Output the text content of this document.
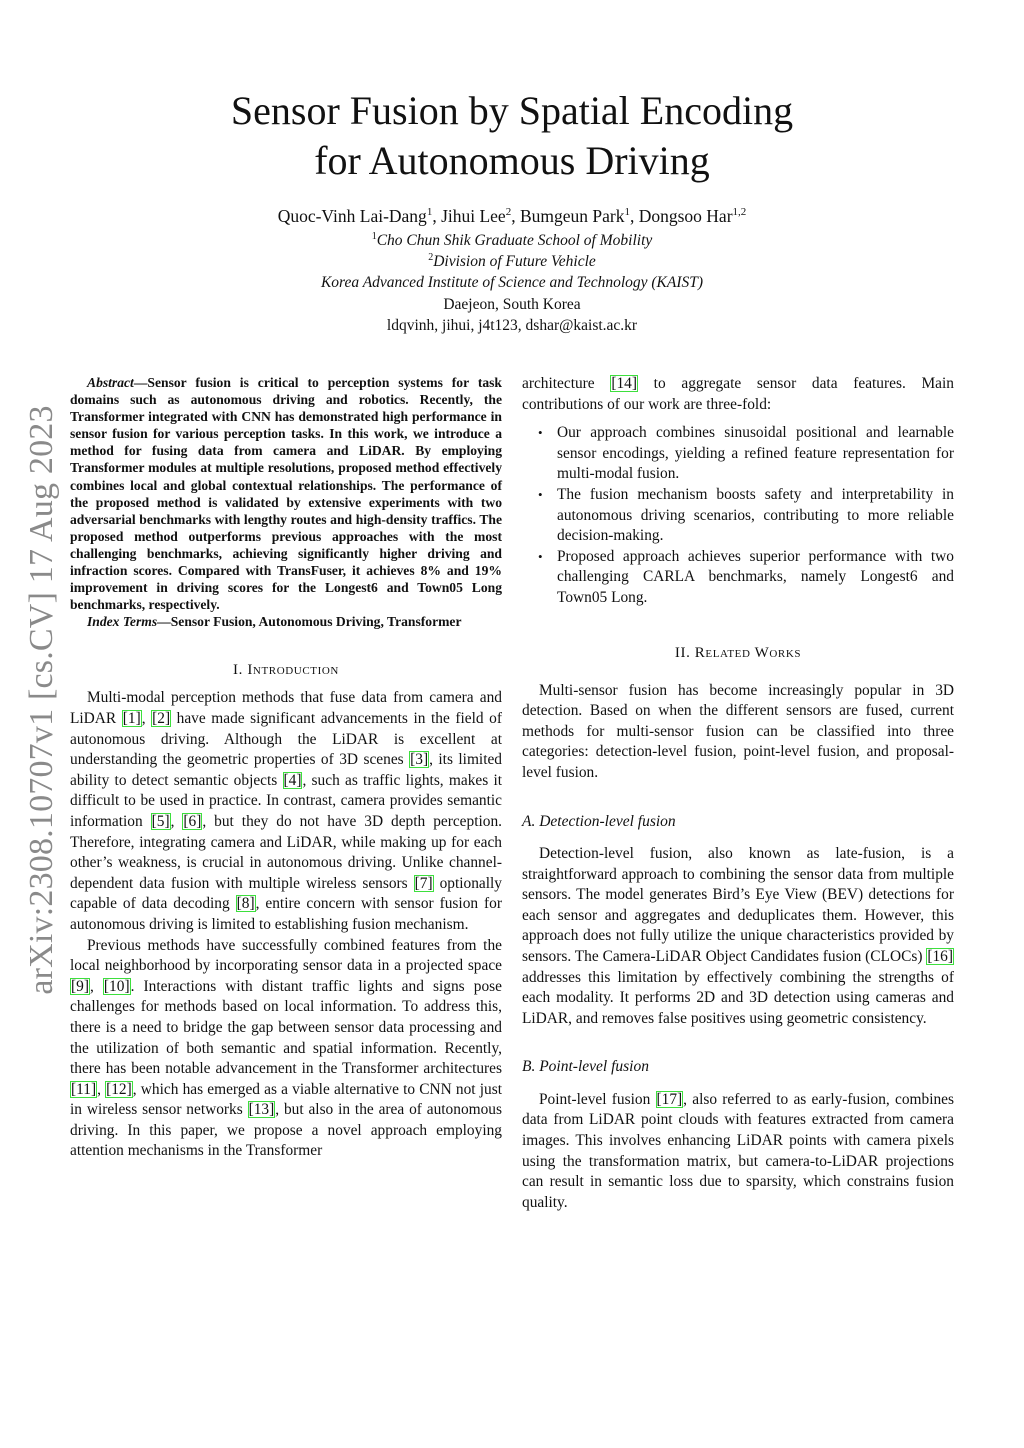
Sensor Fusion by Spatial Encoding
for Autonomous Driving
Quoc-Vinh Lai-Dang$^1$, Jihui Lee$^2$, Bumgeun Park$^1$, Dongsoo Har$^{1,2}$
$^1$Cho Chun Shik Graduate School of Mobility
$^2$Division of Future Vehicle
Korea Advanced Institute of Science and Technology (KAIST)
Daejeon, South Korea
ldqvinh, jihui, j4t123, dshar@kaist.ac.kr
arXiv:2308.10707v1 [cs.CV] 17 Aug 2023

Abstract—Sensor fusion is critical to perception systems for task domains such as autonomous driving and robotics. Recently, the Transformer integrated with CNN has demonstrated high performance in sensor fusion for various perception tasks. In this work, we introduce a method for fusing data from camera and LiDAR. By employing Transformer modules at multiple resolutions, proposed method effectively combines local and global contextual relationships. The performance of the proposed method is validated by extensive experiments with two adversarial benchmarks with lengthy routes and high-density traffics. The proposed method outperforms previous approaches with the most challenging benchmarks, achieving significantly higher driving and infraction scores. Compared with TransFuser, it achieves 8% and 19% improvement in driving scores for the Longest6 and Town05 Long benchmarks, respectively.

Index Terms—Sensor Fusion, Autonomous Driving, Transformer

I. Introduction

Multi-modal perception methods that fuse data from camera and LiDAR [1], [2] have made significant advancements in the field of autonomous driving. Although the LiDAR is excellent at understanding the geometric properties of 3D scenes [3], its limited ability to detect semantic objects [4], such as traffic lights, makes it difficult to be used in practice. In contrast, camera provides semantic information [5], [6], but they do not have 3D depth perception. Therefore, integrating camera and LiDAR, while making up for each other’s weakness, is crucial in autonomous driving. Unlike channel-dependent data fusion with multiple wireless sensors [7] optionally capable of data decoding [8], entire concern with sensor fusion for autonomous driving is limited to establishing fusion mechanism.

Previous methods have successfully combined features from the local neighborhood by incorporating sensor data in a projected space [9], [10]. Interactions with distant traffic lights and signs pose challenges for methods based on local information. To address this, there is a need to bridge the gap between sensor data processing and the utilization of both semantic and spatial information. Recently, there has been notable advancement in the Transformer architectures [11], [12], which has emerged as a viable alternative to CNN not just in wireless sensor networks [13], but also in the area of autonomous driving. In this paper, we propose a novel approach employing attention mechanisms in the Transformer

architecture [14] to aggregate sensor data features. Main contributions of our work are three-fold:

• Our approach combines sinusoidal positional and learnable sensor encodings, yielding a refined feature representation for multi-modal fusion.
• The fusion mechanism boosts safety and interpretability in autonomous driving scenarios, contributing to more reliable decision-making.
• Proposed approach achieves superior performance with two challenging CARLA benchmarks, namely Longest6 and Town05 Long.

II. Related Works

Multi-sensor fusion has become increasingly popular in 3D detection. Based on when the different sensors are fused, current methods for multi-sensor fusion can be classified into three categories: detection-level fusion, point-level fusion, and proposal-level fusion.

A. Detection-level fusion

Detection-level fusion, also known as late-fusion, is a straightforward approach to combining the sensor data from multiple sensors. The model generates Bird’s Eye View (BEV) detections for each sensor and aggregates and deduplicates them. However, this approach does not fully utilize the unique characteristics provided by sensors. The Camera-LiDAR Object Candidates fusion (CLOCs) [16] addresses this limitation by effectively combining the strengths of each modality. It performs 2D and 3D detection using cameras and LiDAR, and removes false positives using geometric consistency.

B. Point-level fusion

Point-level fusion [17], also referred to as early-fusion, combines data from LiDAR point clouds with features extracted from camera images. This involves enhancing LiDAR points with camera pixels using the transformation matrix, but camera-to-LiDAR projections can result in semantic loss due to sparsity, which constrains fusion quality.
